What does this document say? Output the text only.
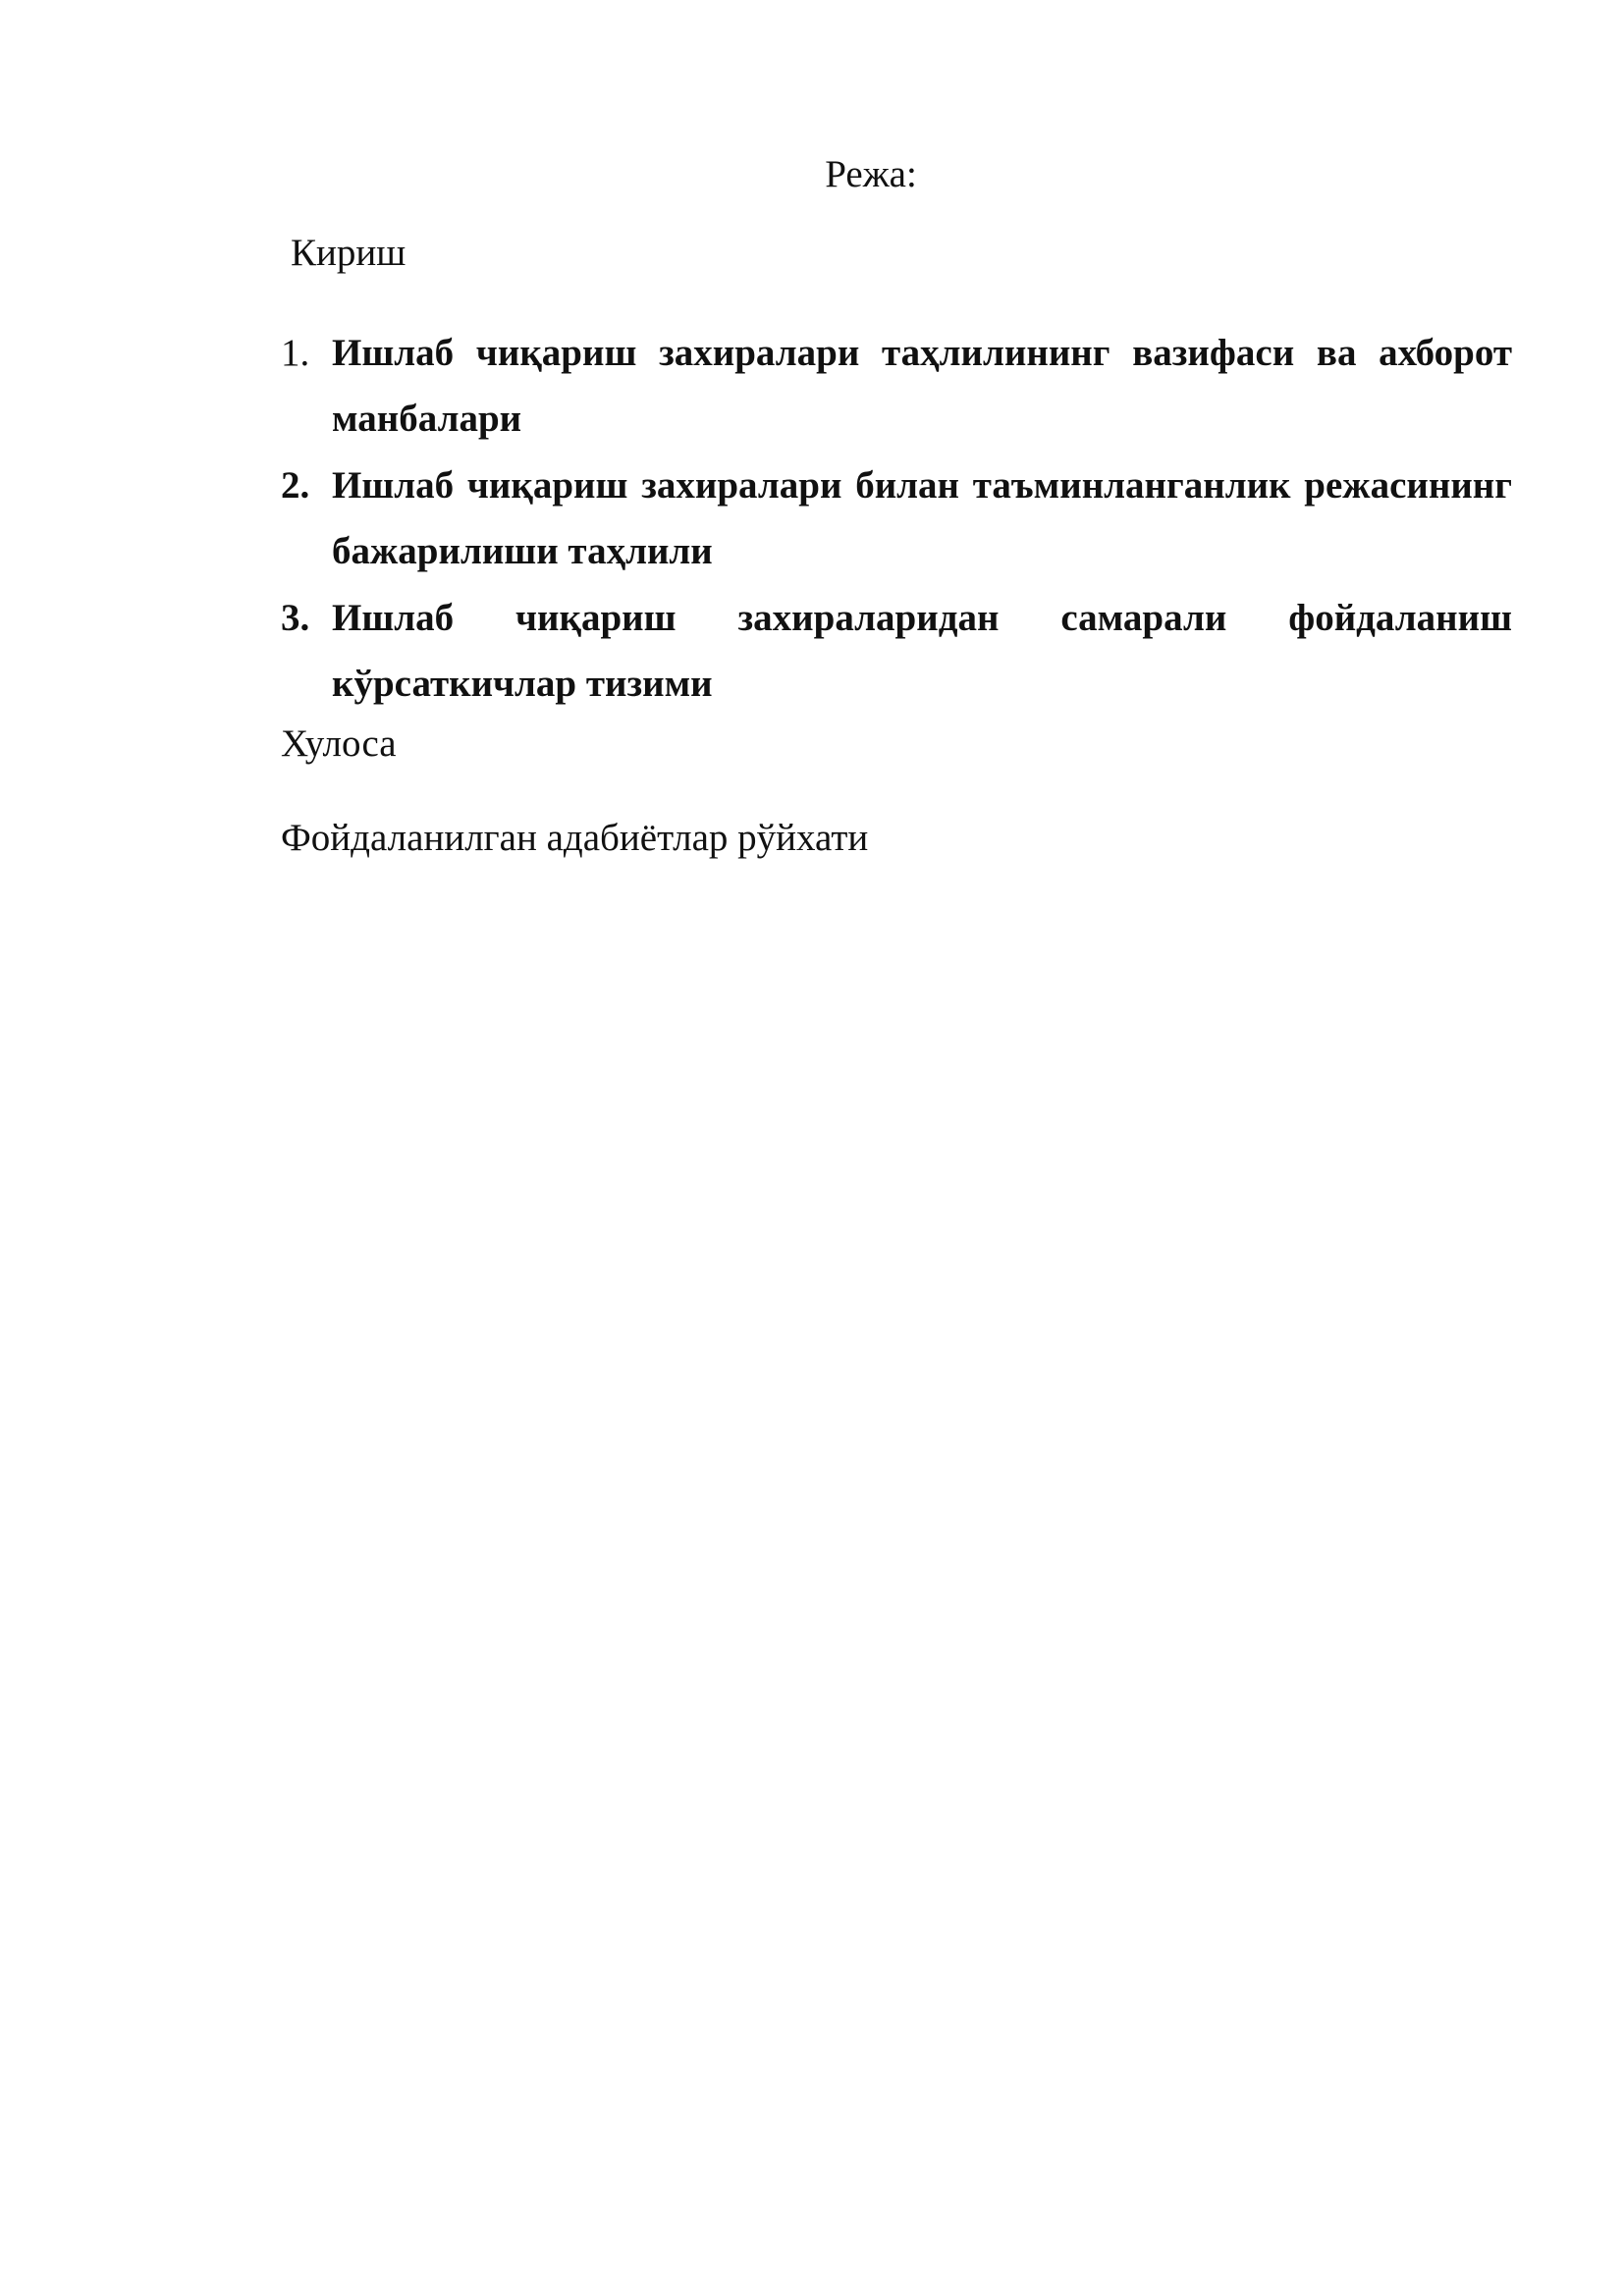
Режа:
Кириш
1. Ишлаб чиқариш захиралари таҳлилининг вазифаси ва ахборот манбалари
2. Ишлаб чиқариш захиралари билан таъминланганлик режасининг бажарилиши таҳлили
3. Ишлаб чиқариш захираларидан самарали фойдаланиш кўрсаткичлар тизими
Хулоса
Фойдаланилган адабиётлар рўйхати
